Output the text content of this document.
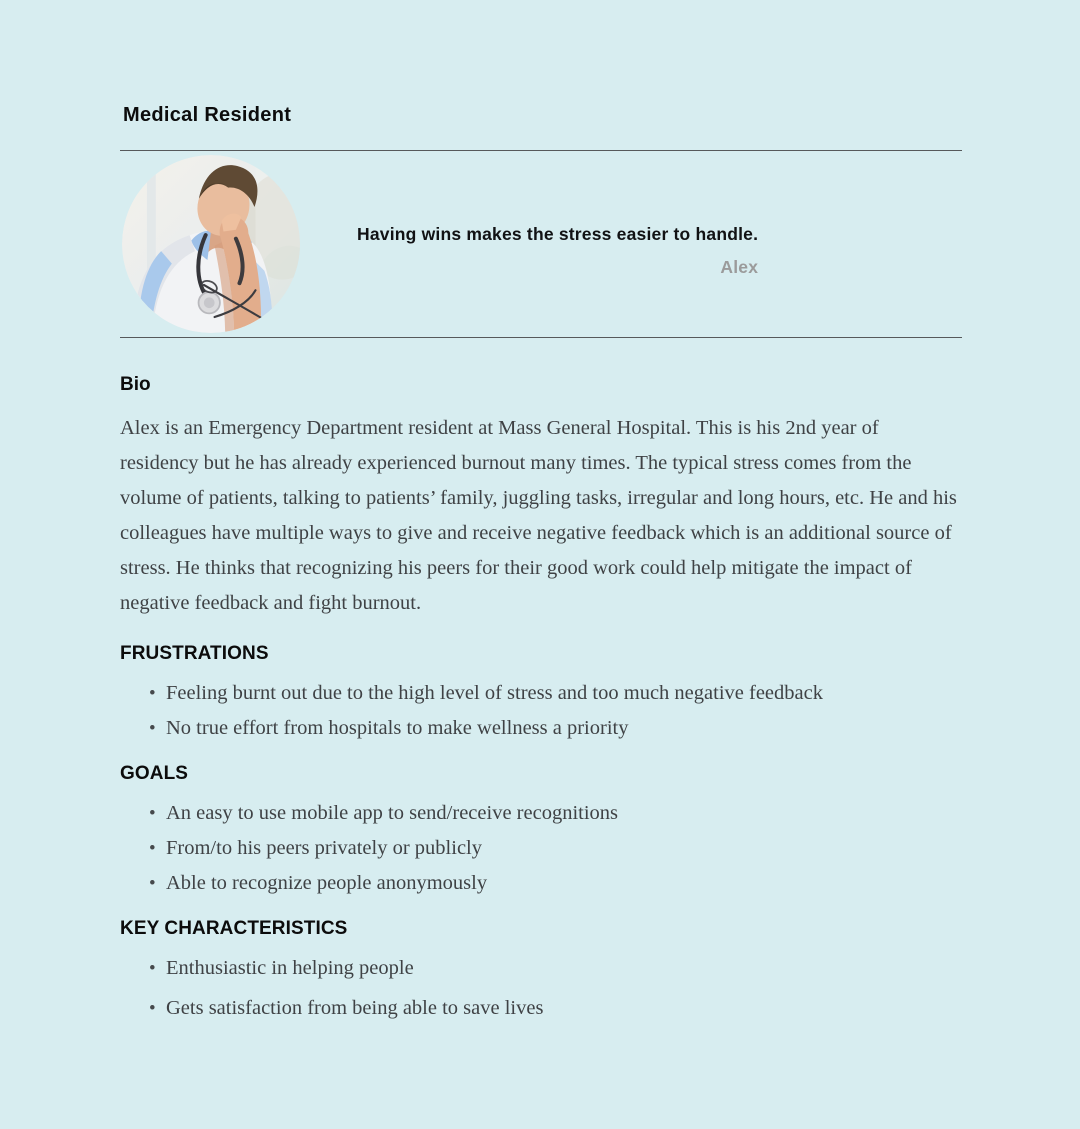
Medical Resident
Having wins makes the stress easier to handle.
Alex
Bio

Alex is an Emergency Department resident at Mass General Hospital. This is his 2nd year of residency but he has already experienced burnout many times. The typical stress comes from the volume of patients, talking to patients’ family, juggling tasks, irregular and long hours, etc. He and his colleagues have multiple ways to give and receive negative feedback which is an additional source of stress. He thinks that recognizing his peers for their good work could help mitigate the impact of negative feedback and fight burnout.

FRUSTRATIONS
• Feeling burnt out due to the high level of stress and too much negative feedback
• No true effort from hospitals to make wellness a priority
GOALS
• An easy to use mobile app to send/receive recognitions
• From/to his peers privately or publicly
• Able to recognize people anonymously
KEY CHARACTERISTICS
• Enthusiastic in helping people
• Gets satisfaction from being able to save lives
